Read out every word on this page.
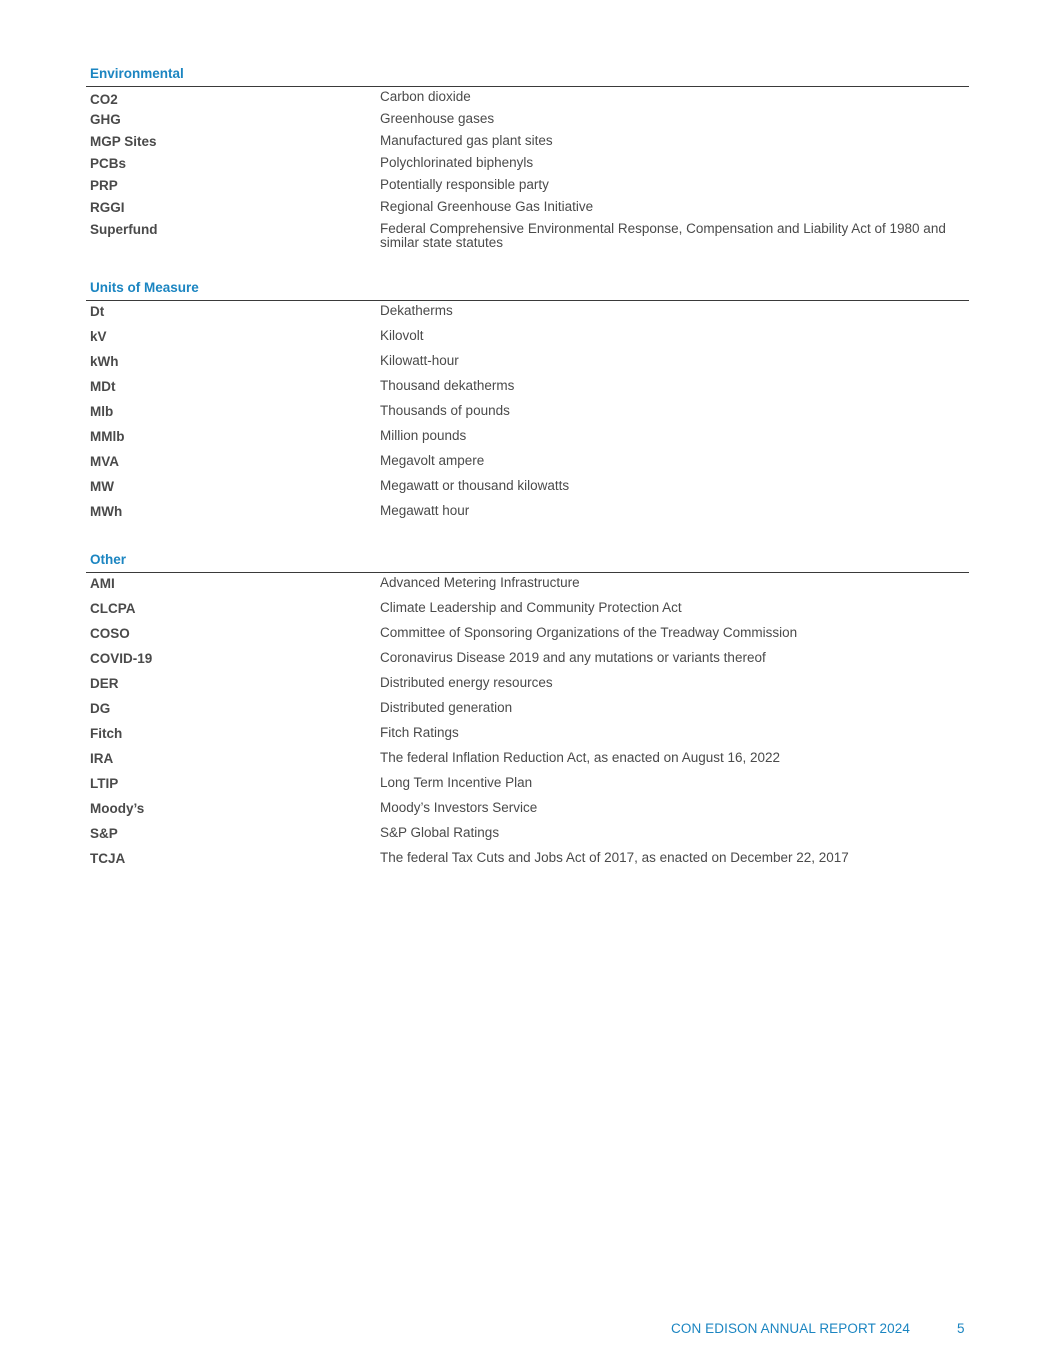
Environmental
CO2	Carbon dioxide
GHG	Greenhouse gases
MGP Sites	Manufactured gas plant sites
PCBs	Polychlorinated biphenyls
PRP	Potentially responsible party
RGGI	Regional Greenhouse Gas Initiative
Superfund	Federal Comprehensive Environmental Response, Compensation and Liability Act of 1980 and similar state statutes
Units of Measure
Dt	Dekatherms
kV	Kilovolt
kWh	Kilowatt-hour
MDt	Thousand dekatherms
Mlb	Thousands of pounds
MMlb	Million pounds
MVA	Megavolt ampere
MW	Megawatt or thousand kilowatts
MWh	Megawatt hour
Other
AMI	Advanced Metering Infrastructure
CLCPA	Climate Leadership and Community Protection Act
COSO	Committee of Sponsoring Organizations of the Treadway Commission
COVID-19	Coronavirus Disease 2019 and any mutations or variants thereof
DER	Distributed energy resources
DG	Distributed generation
Fitch	Fitch Ratings
IRA	The federal Inflation Reduction Act, as enacted on August 16, 2022
LTIP	Long Term Incentive Plan
Moody’s	Moody’s Investors Service
S&P	S&P Global Ratings
TCJA	The federal Tax Cuts and Jobs Act of 2017, as enacted on December 22, 2017
CON EDISON ANNUAL REPORT 2024	5
